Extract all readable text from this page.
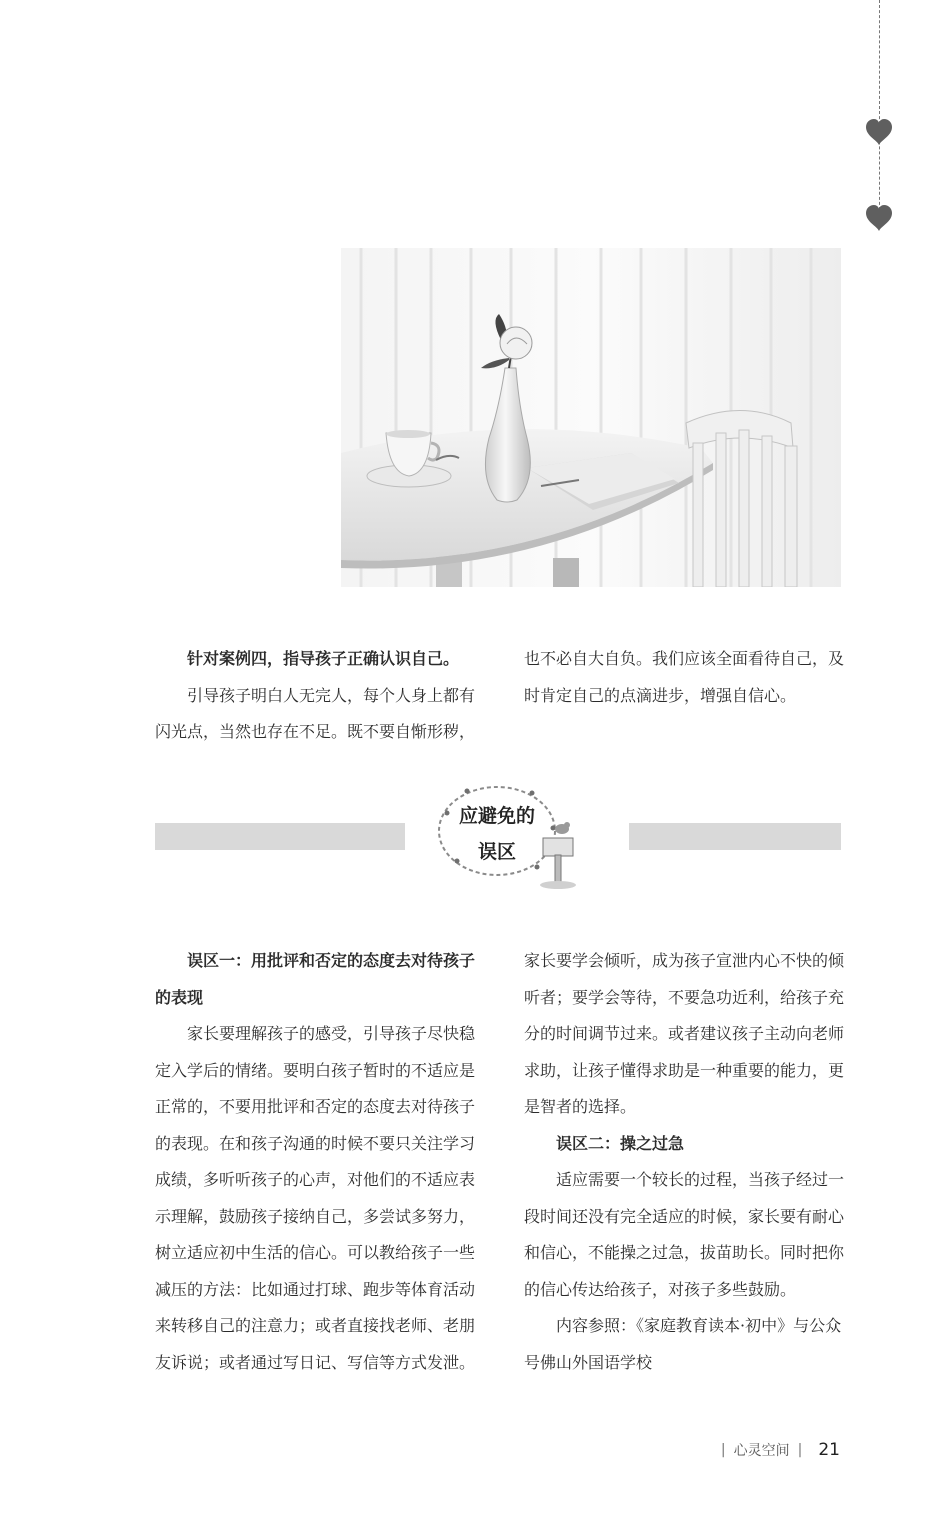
针对案例四，指导孩子正确认识自己。

引导孩子明白人无完人，每个人身上都有闪光点，当然也存在不足。既不要自惭形秽，

也不必自大自负。我们应该全面看待自己，及时肯定自己的点滴进步，增强自信心。

应避免的
误区

误区一：用批评和否定的态度去对待孩子
的表现

家长要理解孩子的感受，引导孩子尽快稳定入学后的情绪。要明白孩子暂时的不适应是正常的，不要用批评和否定的态度去对待孩子的表现。在和孩子沟通的时候不要只关注学习成绩，多听听孩子的心声，对他们的不适应表示理解，鼓励孩子接纳自己，多尝试多努力，树立适应初中生活的信心。可以教给孩子一些减压的方法：比如通过打球、跑步等体育活动来转移自己的注意力；或者直接找老师、老朋友诉说；或者通过写日记、写信等方式发泄。

家长要学会倾听，成为孩子宣泄内心不快的倾听者；要学会等待，不要急功近利，给孩子充分的时间调节过来。或者建议孩子主动向老师求助，让孩子懂得求助是一种重要的能力，更是智者的选择。

误区二：操之过急

适应需要一个较长的过程，当孩子经过一段时间还没有完全适应的时候，家长要有耐心和信心，不能操之过急，拔苗助长。同时把你的信心传达给孩子，对孩子多些鼓励。

内容参照：《家庭教育读本·初中》与公众号佛山外国语学校

| 心灵空间 | 21
